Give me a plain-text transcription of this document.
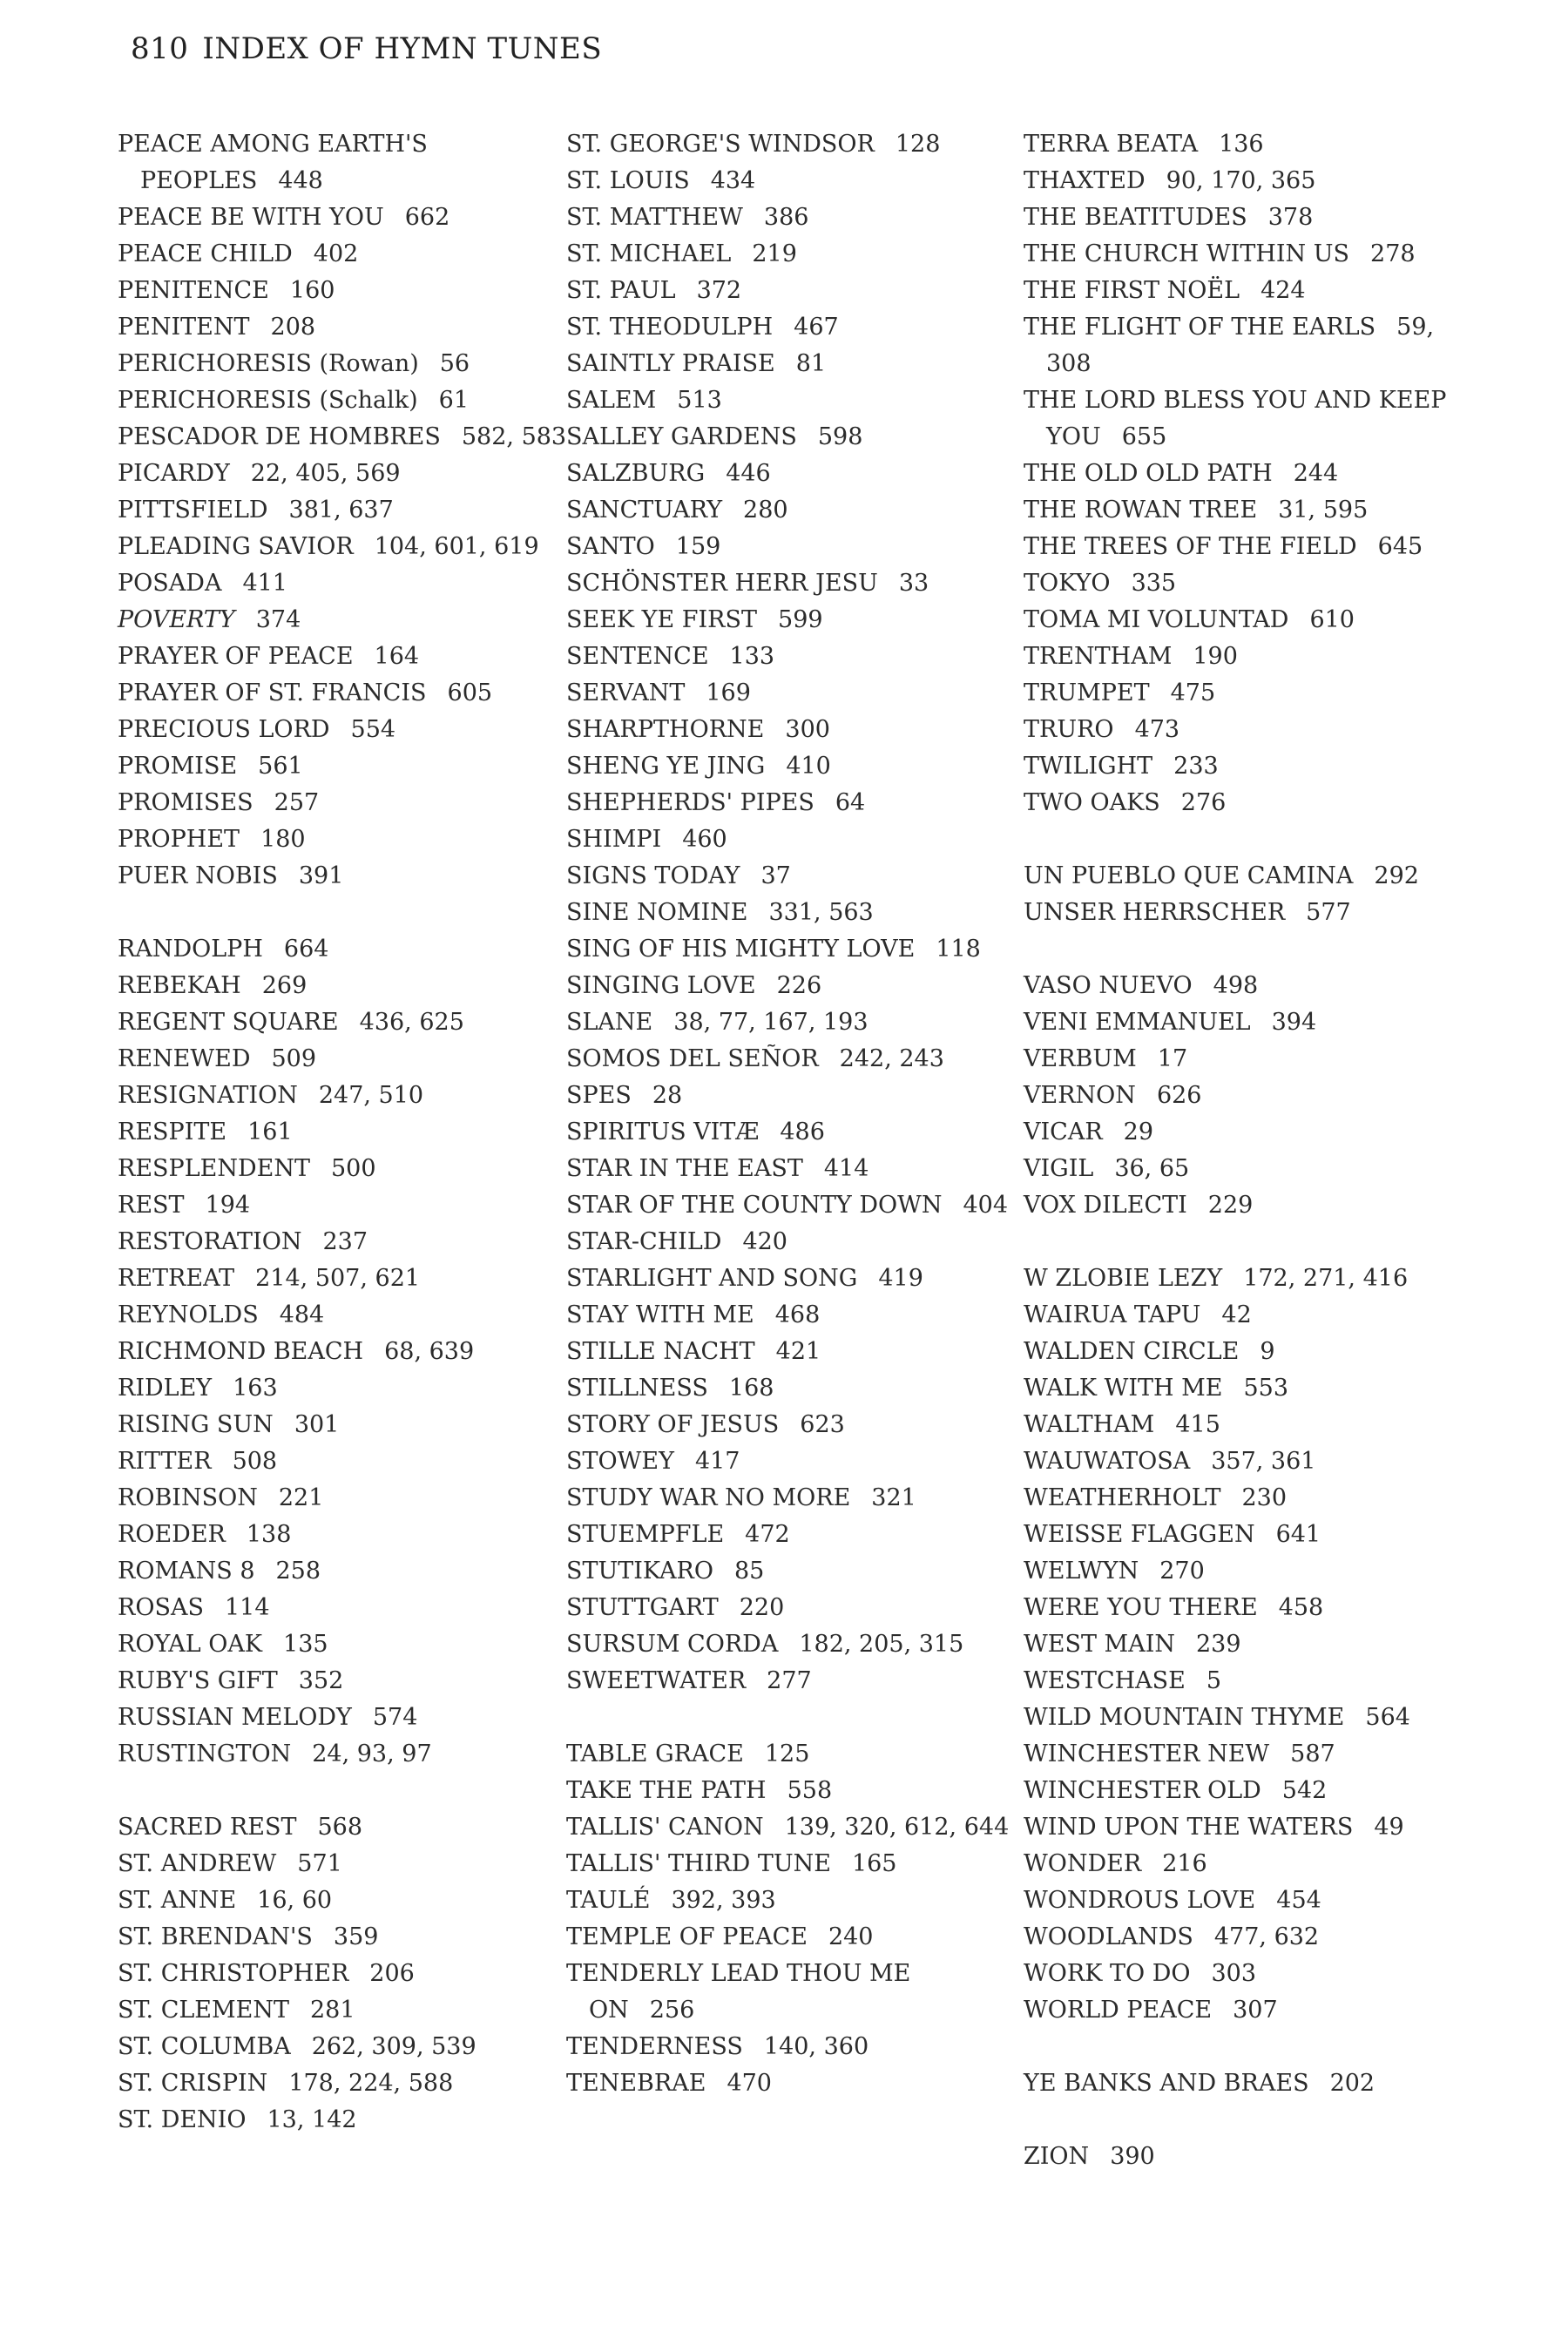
810 INDEX OF HYMN TUNES
PEACE AMONG EARTH'S PEOPLES 448
PEACE BE WITH YOU 662
PEACE CHILD 402
PENITENCE 160
PENITENT 208
PERICHORESIS (Rowan) 56
PERICHORESIS (Schalk) 61
PESCADOR DE HOMBRES 582, 583
PICARDY 22, 405, 569
PITTSFIELD 381, 637
PLEADING SAVIOR 104, 601, 619
POSADA 411
POVERTY 374
PRAYER OF PEACE 164
PRAYER OF ST. FRANCIS 605
PRECIOUS LORD 554
PROMISE 561
PROMISES 257
PROPHET 180
PUER NOBIS 391
RANDOLPH 664
REBEKAH 269
REGENT SQUARE 436, 625
RENEWED 509
RESIGNATION 247, 510
RESPITE 161
RESPLENDENT 500
REST 194
RESTORATION 237
RETREAT 214, 507, 621
REYNOLDS 484
RICHMOND BEACH 68, 639
RIDLEY 163
RISING SUN 301
RITTER 508
ROBINSON 221
ROEDER 138
ROMANS 8 258
ROSAS 114
ROYAL OAK 135
RUBY'S GIFT 352
RUSSIAN MELODY 574
RUSTINGTON 24, 93, 97
SACRED REST 568
ST. ANDREW 571
ST. ANNE 16, 60
ST. BRENDAN'S 359
ST. CHRISTOPHER 206
ST. CLEMENT 281
ST. COLUMBA 262, 309, 539
ST. CRISPIN 178, 224, 588
ST. DENIO 13, 142
ST. GEORGE'S WINDSOR 128
ST. LOUIS 434
ST. MATTHEW 386
ST. MICHAEL 219
ST. PAUL 372
ST. THEODULPH 467
SAINTLY PRAISE 81
SALEM 513
SALLEY GARDENS 598
SALZBURG 446
SANCTUARY 280
SANTO 159
SCHÖNSTER HERR JESU 33
SEEK YE FIRST 599
SENTENCE 133
SERVANT 169
SHARPTHORNE 300
SHENG YE JING 410
SHEPHERDS' PIPES 64
SHIMPI 460
SIGNS TODAY 37
SINE NOMINE 331, 563
SING OF HIS MIGHTY LOVE 118
SINGING LOVE 226
SLANE 38, 77, 167, 193
SOMOS DEL SEÑOR 242, 243
SPES 28
SPIRITUS VITÆ 486
STAR IN THE EAST 414
STAR OF THE COUNTY DOWN 404
STAR-CHILD 420
STARLIGHT AND SONG 419
STAY WITH ME 468
STILLE NACHT 421
STILLNESS 168
STORY OF JESUS 623
STOWEY 417
STUDY WAR NO MORE 321
STUEMPFLE 472
STUTIKARO 85
STUTTGART 220
SURSUM CORDA 182, 205, 315
SWEETWATER 277
TABLE GRACE 125
TAKE THE PATH 558
TALLIS' CANON 139, 320, 612, 644
TALLIS' THIRD TUNE 165
TAULÉ 392, 393
TEMPLE OF PEACE 240
TENDERLY LEAD THOU ME ON 256
TENDERNESS 140, 360
TENEBRAE 470
TERRA BEATA 136
THAXTED 90, 170, 365
THE BEATITUDES 378
THE CHURCH WITHIN US 278
THE FIRST NOËL 424
THE FLIGHT OF THE EARLS 59, 308
THE LORD BLESS YOU AND KEEP YOU 655
THE OLD OLD PATH 244
THE ROWAN TREE 31, 595
THE TREES OF THE FIELD 645
TOKYO 335
TOMA MI VOLUNTAD 610
TRENTHAM 190
TRUMPET 475
TRURO 473
TWILIGHT 233
TWO OAKS 276
UN PUEBLO QUE CAMINA 292
UNSER HERRSCHER 577
VASO NUEVO 498
VENI EMMANUEL 394
VERBUM 17
VERNON 626
VICAR 29
VIGIL 36, 65
VOX DILECTI 229
W ZLOBIE LEZY 172, 271, 416
WAIRUA TAPU 42
WALDEN CIRCLE 9
WALK WITH ME 553
WALTHAM 415
WAUWATOSA 357, 361
WEATHERHOLT 230
WEISSE FLAGGEN 641
WELWYN 270
WERE YOU THERE 458
WEST MAIN 239
WESTCHASE 5
WILD MOUNTAIN THYME 564
WINCHESTER NEW 587
WINCHESTER OLD 542
WIND UPON THE WATERS 49
WONDER 216
WONDROUS LOVE 454
WOODLANDS 477, 632
WORK TO DO 303
WORLD PEACE 307
YE BANKS AND BRAES 202
ZION 390
